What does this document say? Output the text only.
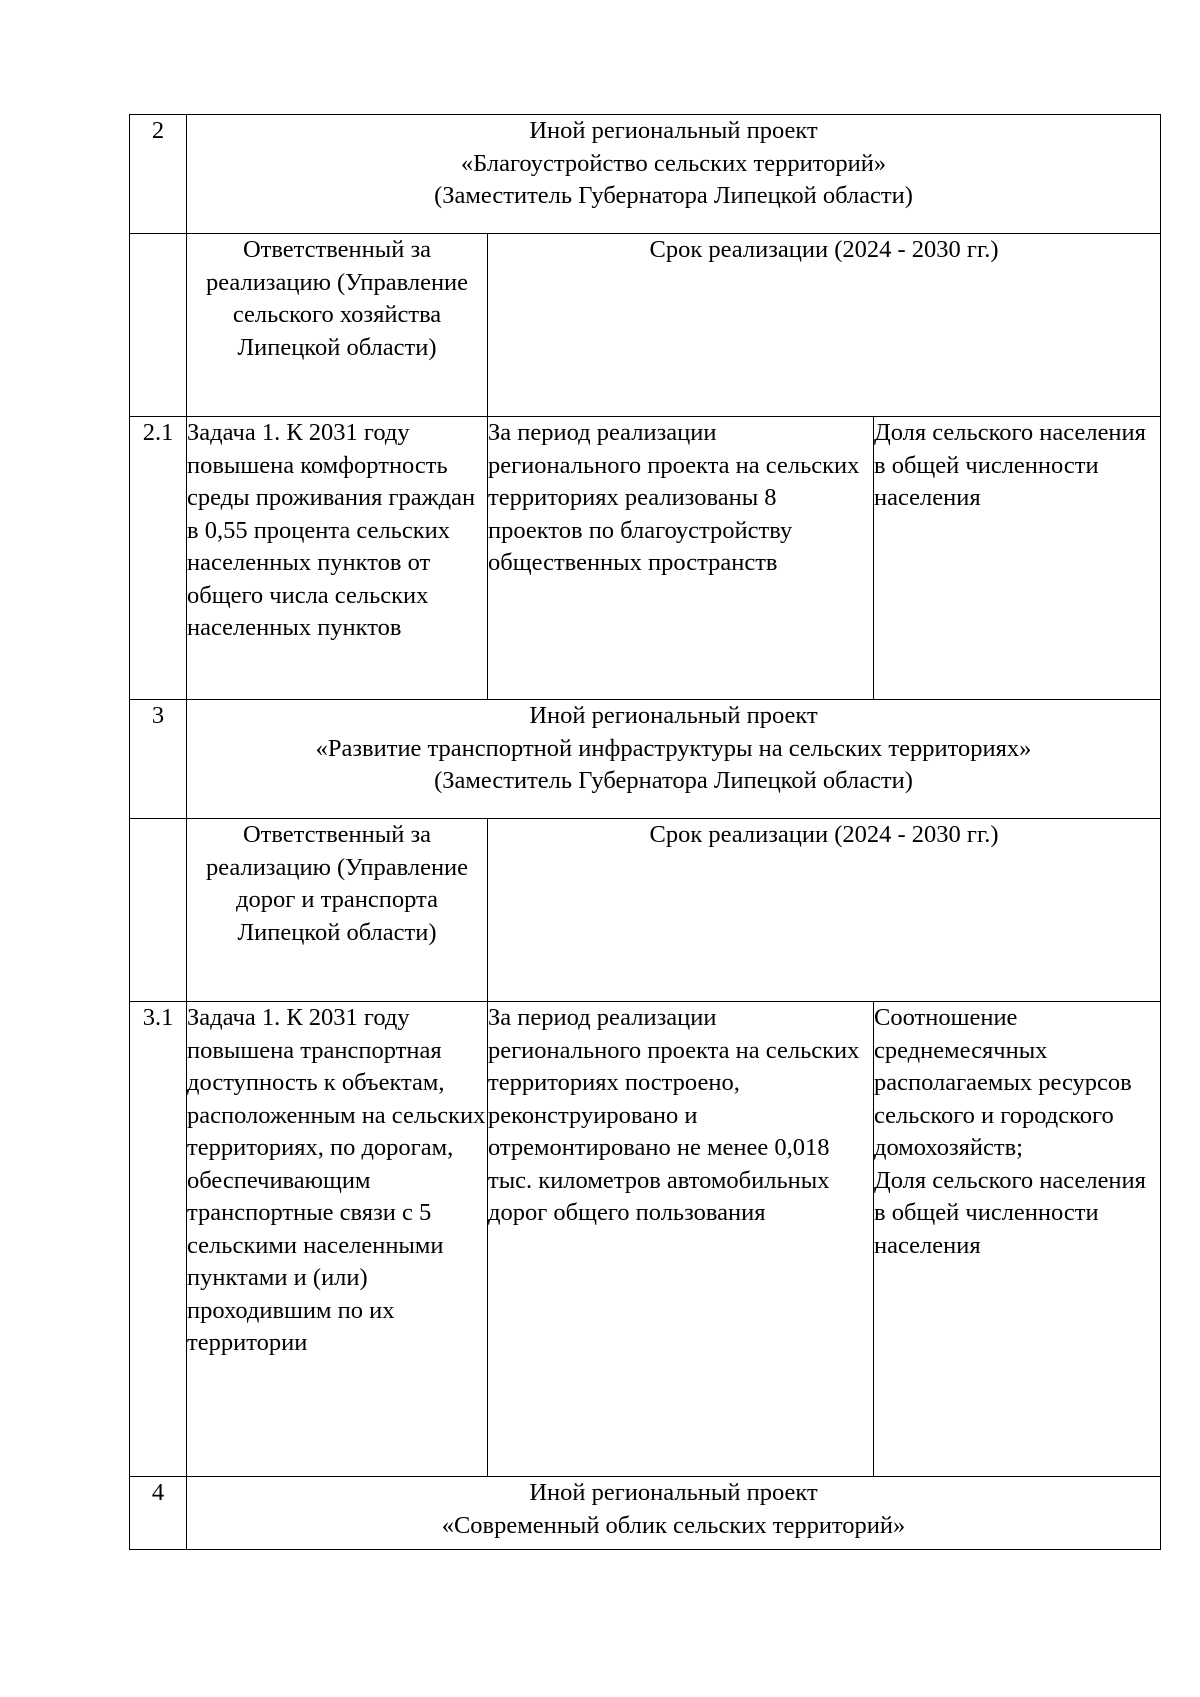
2	Иной региональный проект
«Благоустройство сельских территорий»
(Заместитель Губернатора Липецкой области)		

	Ответственный за реализацию (Управление сельского хозяйства Липецкой области)	Срок реализации (2024 - 2030 гг.)	
2.1	Задача 1. К 2031 году повышена комфортность среды проживания граждан в 0,55 процента сельских населенных пунктов от общего числа сельских населенных пунктов	За период реализации регионального проекта на сельских территориях реализованы 8 проектов по благоустройству общественных пространств	Доля сельского населения в общей численности населения
3	Иной региональный проект
«Развитие транспортной инфраструктуры на сельских территориях»
(Заместитель Губернатора Липецкой области)		

	Ответственный за реализацию (Управление дорог и транспорта Липецкой области)	Срок реализации (2024 - 2030 гг.)	
3.1	Задача 1. К 2031 году повышена транспортная доступность к объектам, расположенным на сельских территориях, по дорогам, обеспечивающим транспортные связи с 5 сельскими населенными пунктами и (или) проходившим по их территории	За период реализации регионального проекта на сельских территориях построено, реконструировано и отремонтировано не менее 0,018 тыс. километров автомобильных дорог общего пользования	Соотношение среднемесячных располагаемых ресурсов сельского и городского домохозяйств;
Доля сельского населения в общей численности населения
4	Иной региональный проект
«Современный облик сельских территорий»		
